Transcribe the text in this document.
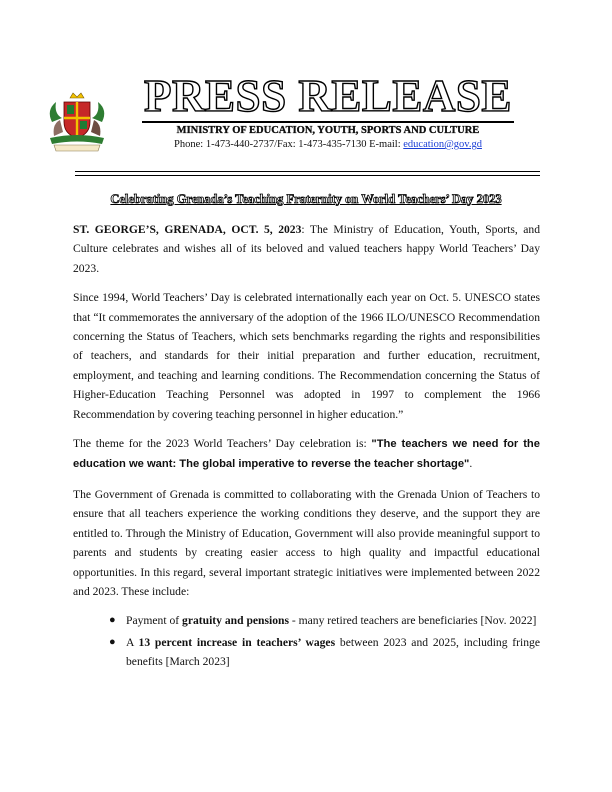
PRESS RELEASE
MINISTRY OF EDUCATION, YOUTH, SPORTS AND CULTURE
Phone: 1-473-440-2737/Fax: 1-473-435-7130 E-mail: education@gov.gd
Celebrating Grenada’s Teaching Fraternity on World Teachers’ Day 2023

ST. GEORGE’S, GRENADA, OCT. 5, 2023: The Ministry of Education, Youth, Sports, and Culture celebrates and wishes all of its beloved and valued teachers happy World Teachers’ Day 2023.

Since 1994, World Teachers’ Day is celebrated internationally each year on Oct. 5. UNESCO states that “It commemorates the anniversary of the adoption of the 1966 ILO/UNESCO Recommendation concerning the Status of Teachers, which sets benchmarks regarding the rights and responsibilities of teachers, and standards for their initial preparation and further education, recruitment, employment, and teaching and learning conditions. The Recommendation concerning the Status of Higher-Education Teaching Personnel was adopted in 1997 to complement the 1966 Recommendation by covering teaching personnel in higher education.”

The theme for the 2023 World Teachers’ Day celebration is: "The teachers we need for the education we want: The global imperative to reverse the teacher shortage".

The Government of Grenada is committed to collaborating with the Grenada Union of Teachers to ensure that all teachers experience the working conditions they deserve, and the support they are entitled to. Through the Ministry of Education, Government will also provide meaningful support to parents and students by creating easier access to high quality and impactful educational opportunities. In this regard, several important strategic initiatives were implemented between 2022 and 2023. These include:

● Payment of gratuity and pensions - many retired teachers are beneficiaries [Nov. 2022]
● A 13 percent increase in teachers’ wages between 2023 and 2025, including fringe benefits [March 2023]
